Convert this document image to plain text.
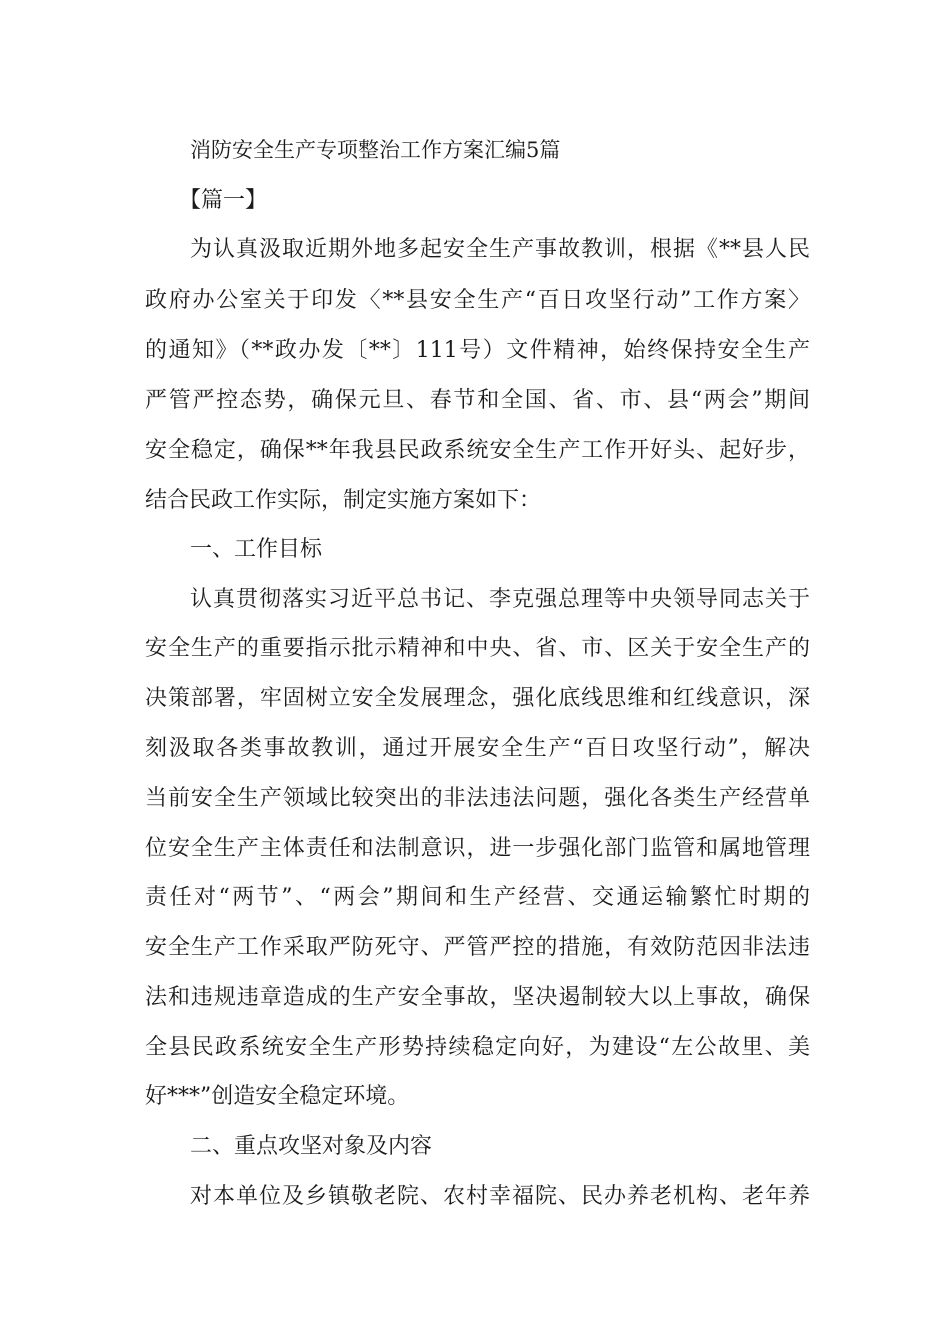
消防安全生产专项整治工作方案汇编5篇
【篇一】
为认真汲取近期外地多起安全生产事故教训，根据《**县人民
政府办公室关于印发〈**县安全生产“百日攻坚行动”工作方案〉
的通知》（**政办发〔**〕111号）文件精神，始终保持安全生产
严管严控态势，确保元旦、春节和全国、省、市、县“两会”期间
安全稳定，确保**年我县民政系统安全生产工作开好头、起好步，
结合民政工作实际，制定实施方案如下：
一、工作目标
认真贯彻落实习近平总书记、李克强总理等中央领导同志关于
安全生产的重要指示批示精神和中央、省、市、区关于安全生产的
决策部署，牢固树立安全发展理念，强化底线思维和红线意识，深
刻汲取各类事故教训，通过开展安全生产“百日攻坚行动”，解决
当前安全生产领域比较突出的非法违法问题，强化各类生产经营单
位安全生产主体责任和法制意识，进一步强化部门监管和属地管理
责任对“两节”、“两会”期间和生产经营、交通运输繁忙时期的
安全生产工作采取严防死守、严管严控的措施，有效防范因非法违
法和违规违章造成的生产安全事故，坚决遏制较大以上事故，确保
全县民政系统安全生产形势持续稳定向好，为建设“左公故里、美
好***”创造安全稳定环境。
二、重点攻坚对象及内容
对本单位及乡镇敬老院、农村幸福院、民办养老机构、老年养
